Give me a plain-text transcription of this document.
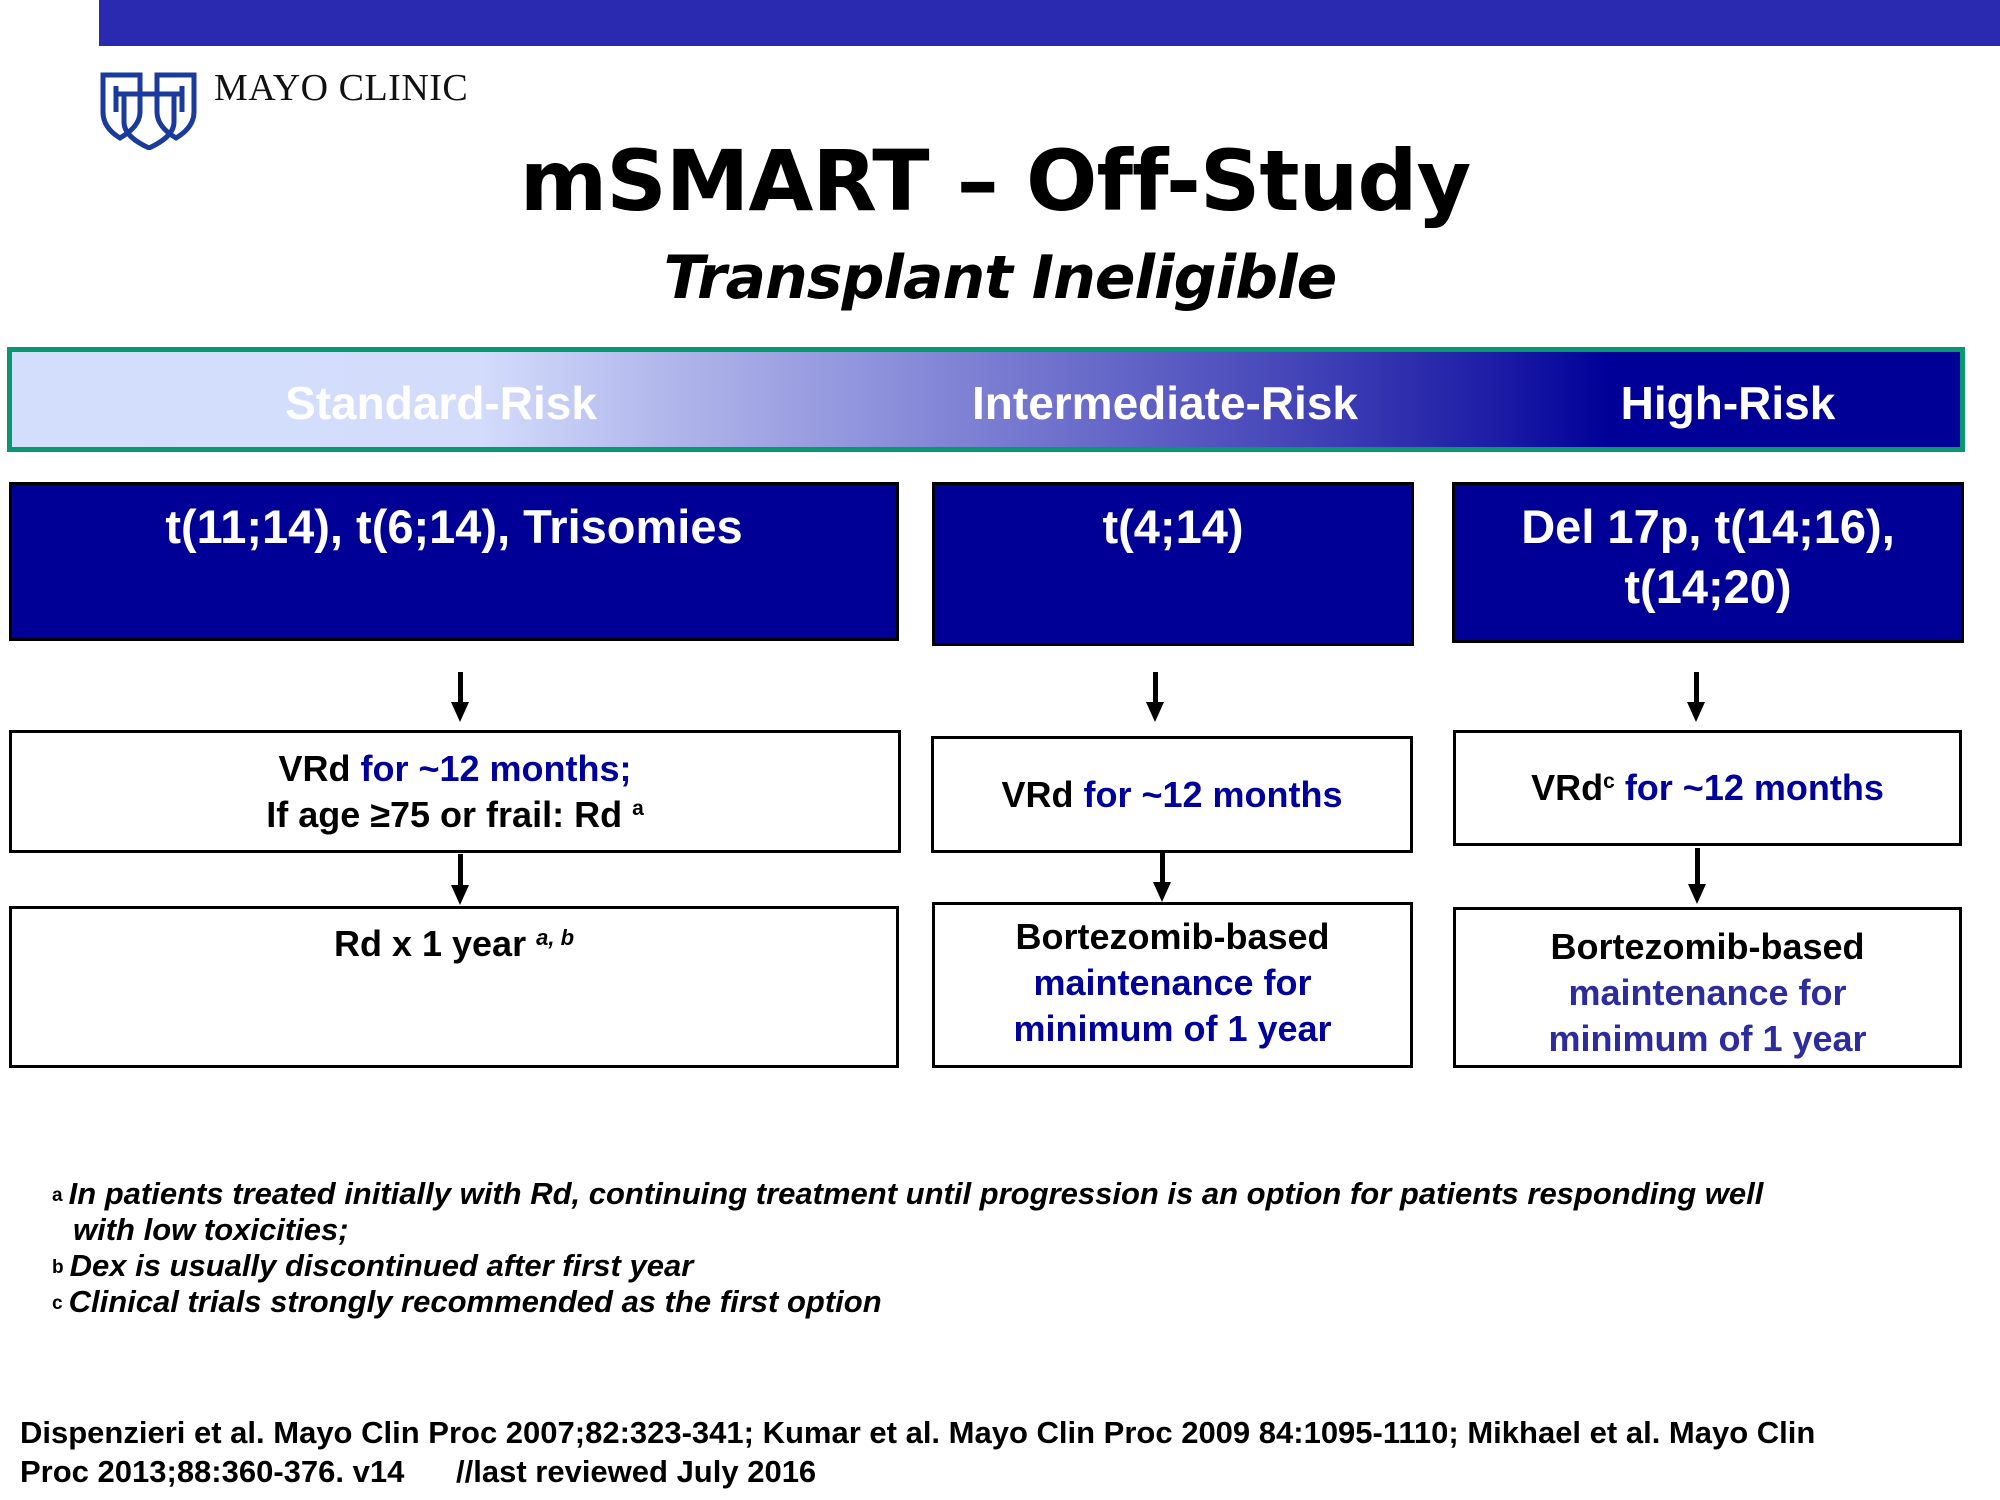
MAYO CLINIC
mSMART – Off-Study
Transplant Ineligible
Standard-Risk	Intermediate-Risk	High-Risk
t(11;14), t(6;14), Trisomies
VRd for ~12 months;
If age ≥75 or frail: Rd $^a$
Rd x 1 year $^{a, b}$
t(4;14)
VRd for ~12 months
Bortezomib-based
maintenance for
minimum of 1 year
Del 17p, t(14;16),
t(14;20)
VRd$^c$ for ~12 months
Bortezomib-based
maintenance for
minimum of 1 year
$^a$ In patients treated initially with Rd, continuing treatment until progression is an option for patients responding well
with low toxicities;
$^b$ Dex is usually discontinued after first year
$^c$ Clinical trials strongly recommended as the first option
Dispenzieri et al. Mayo Clin Proc 2007;82:323-341; Kumar et al. Mayo Clin Proc 2009 84:1095-1110; Mikhael et al. Mayo Clin
Proc 2013;88:360-376. v14      //last reviewed July 2016
